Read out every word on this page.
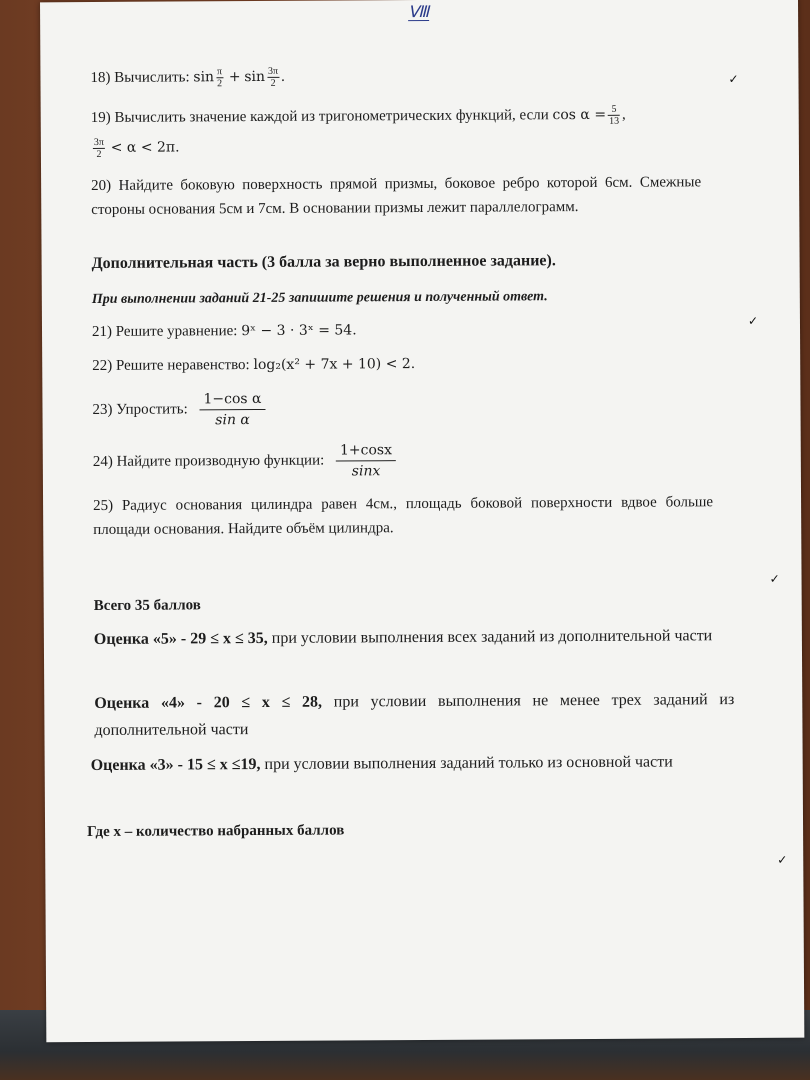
Ⅷ
✓
✓
✓
✓
18) Вычислить: $\sin \frac{\pi}{2} + \sin \frac{3\pi}{2}$ .
19) Вычислить значение каждой из тригонометрических функций, если $\cos \alpha = \frac{5}{13}$ ,
$\frac{3\pi}{2} < \alpha < 2\pi$.
20) Найдите боковую поверхность прямой призмы, боковое ребро которой 6см. Смежные стороны основания 5см и 7см. В основании призмы лежит параллелограмм.
Дополнительная часть (3 балла за верно выполненное задание).
При выполнении заданий 21-25 запишите решения и полученный ответ.
21) Решите уравнение: 9ˣ − 3 · 3ˣ = 54.
22) Решите неравенство: log₂(x² + 7x + 10) < 2.
23) Упростить: $\frac{\text{1−cos α}}{\text{sin α}}$
24) Найдите производную функции: $\frac{1+\cos x}{\sin x}$
25) Радиус основания цилиндра равен 4см., площадь боковой поверхности вдвое больше площади основания. Найдите объём цилиндра.
Всего 35 баллов
Оценка «5» - 29 ≤ x ≤ 35, при условии выполнения всех заданий из дополнительной части
Оценка «4» - 20 ≤ x ≤ 28, при условии выполнения не менее трех заданий из дополнительной части
Оценка «3» - 15 ≤ x ≤19, при условии выполнения заданий только из основной части
Где x – количество набранных баллов
